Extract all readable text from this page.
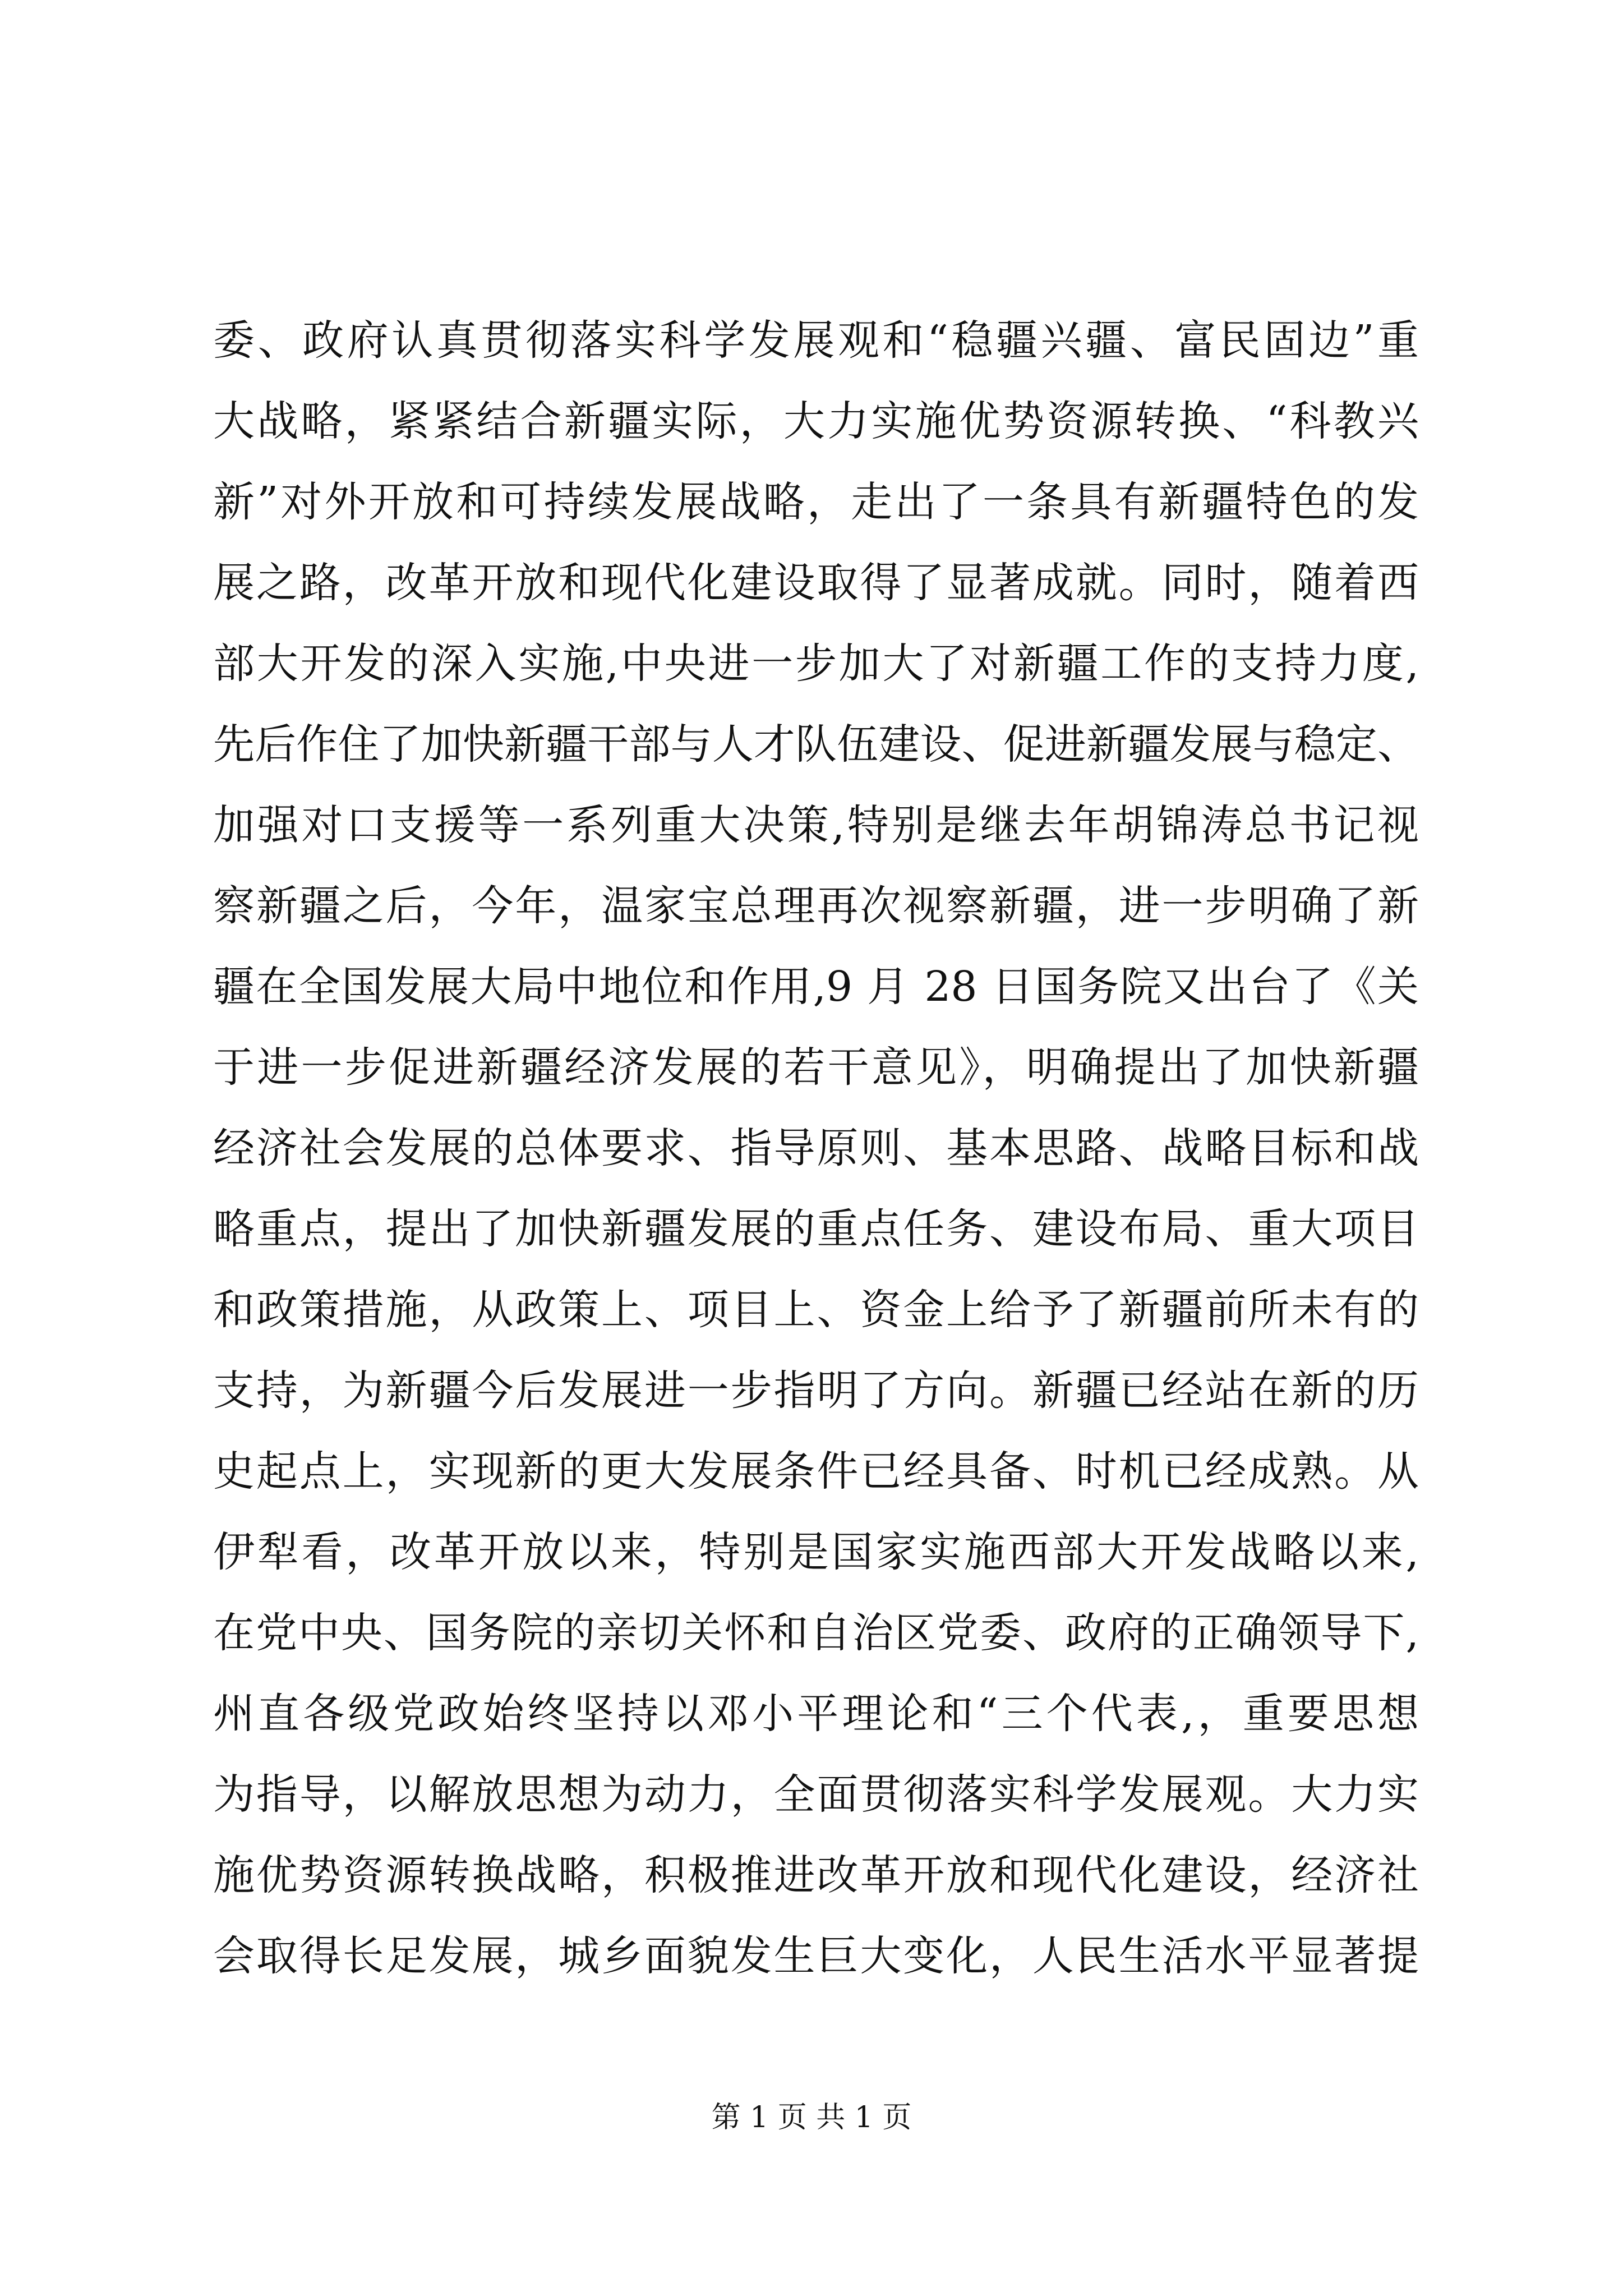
委、政府认真贯彻落实科学发展观和“稳疆兴疆、富民固边”重
大战略，紧紧结合新疆实际，大力实施优势资源转换、“科教兴
新”对外开放和可持续发展战略，走出了一条具有新疆特色的发
展之路，改革开放和现代化建设取得了显著成就。同时，随着西
部大开发的深入实施,中央进一步加大了对新疆工作的支持力度,
先后作住了加快新疆干部与人才队伍建设、促进新疆发展与稳定、
加强对口支援等一系列重大决策,特别是继去年胡锦涛总书记视
察新疆之后，今年，温家宝总理再次视察新疆，进一步明确了新
疆在全国发展大局中地位和作用,9 月 28 日国务院又出台了《关
于进一步促进新疆经济发展的若干意见》，明确提出了加快新疆
经济社会发展的总体要求、指导原则、基本思路、战略目标和战
略重点，提出了加快新疆发展的重点任务、建设布局、重大项目
和政策措施，从政策上、项目上、资金上给予了新疆前所未有的
支持，为新疆今后发展进一步指明了方向。新疆已经站在新的历
史起点上，实现新的更大发展条件已经具备、时机已经成熟。从
伊犁看，改革开放以来，特别是国家实施西部大开发战略以来,
在党中央、国务院的亲切关怀和自治区党委、政府的正确领导下,
州直各级党政始终坚持以邓小平理论和“三个代表,，重要思想
为指导，以解放思想为动力，全面贯彻落实科学发展观。大力实
施优势资源转换战略，积极推进改革开放和现代化建设，经济社
会取得长足发展，城乡面貌发生巨大变化，人民生活水平显著提
第 1 页 共 1 页
